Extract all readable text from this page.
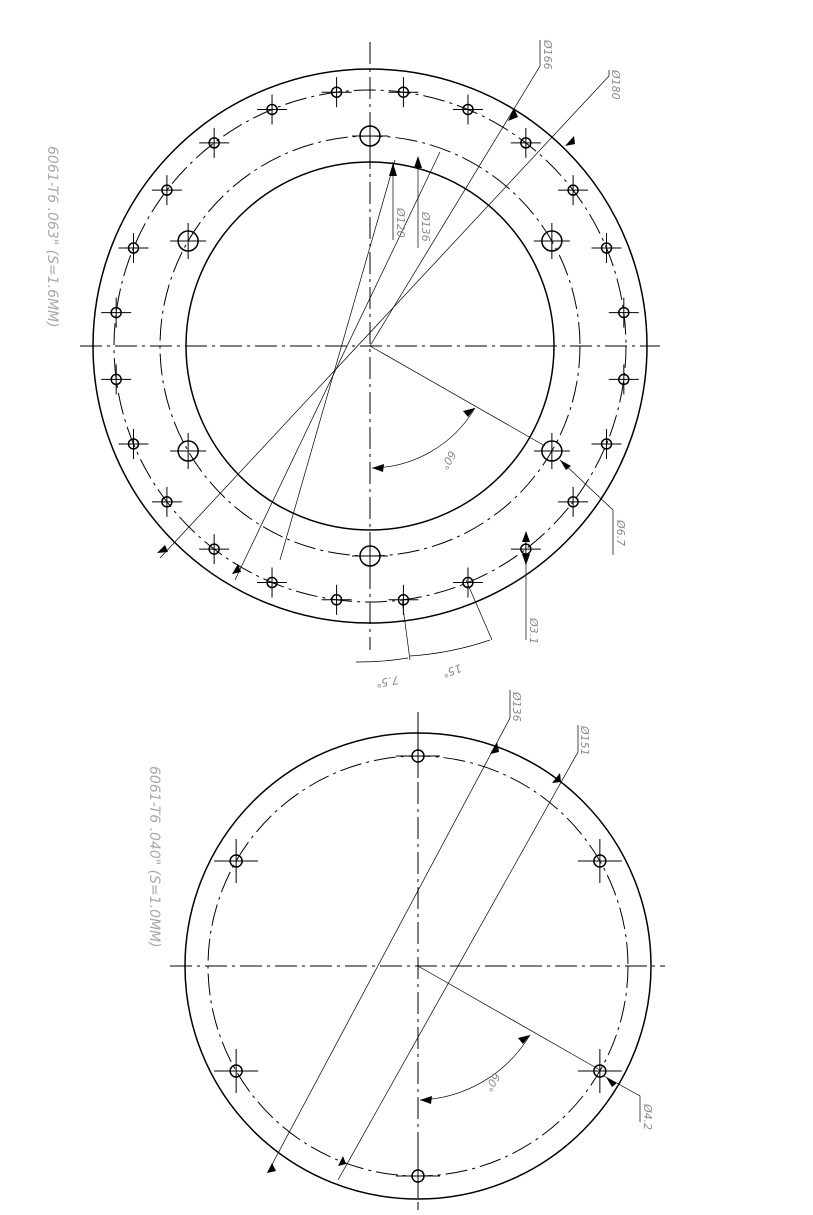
6061-T6 .063" (S=1.6MM)
Ø166
Ø180
Ø120 Ø136
60°
Ø6.7
Ø3.1
15°
7.5°
6061-T6 .040" (S=1.0MM)
Ø136
Ø151
60°
Ø4.2
